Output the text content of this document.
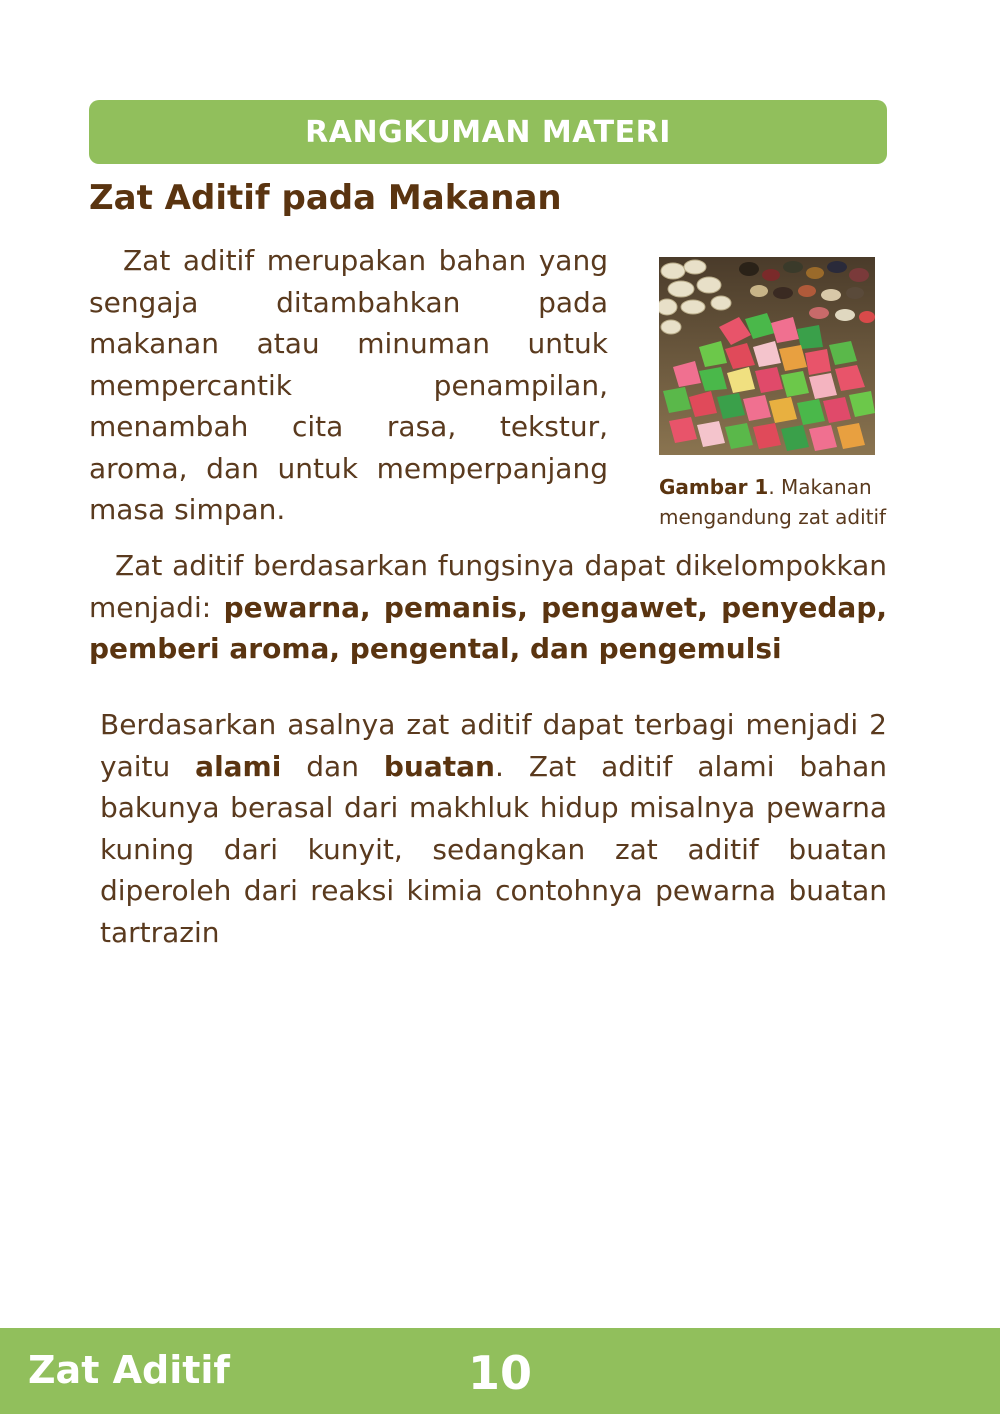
RANGKUMAN MATERI
Zat Aditif pada Makanan

Zat aditif merupakan bahan yang sengaja ditambahkan pada makanan atau minuman untuk mempercantik penampilan, menambah cita rasa, tekstur, aroma, dan untuk memperpanjang masa simpan.

Gambar 1. Makanan mengandung zat aditif

Zat aditif berdasarkan fungsinya dapat dikelompokkan menjadi: pewarna, pemanis, pengawet, penyedap, pemberi aroma, pengental, dan pengemulsi

Berdasarkan asalnya zat aditif dapat terbagi menjadi 2 yaitu alami dan buatan. Zat aditif alami bahan bakunya berasal dari makhluk hidup misalnya pewarna kuning dari kunyit, sedangkan zat aditif buatan diperoleh dari reaksi kimia contohnya pewarna buatan tartrazin

Zat Aditif	10
